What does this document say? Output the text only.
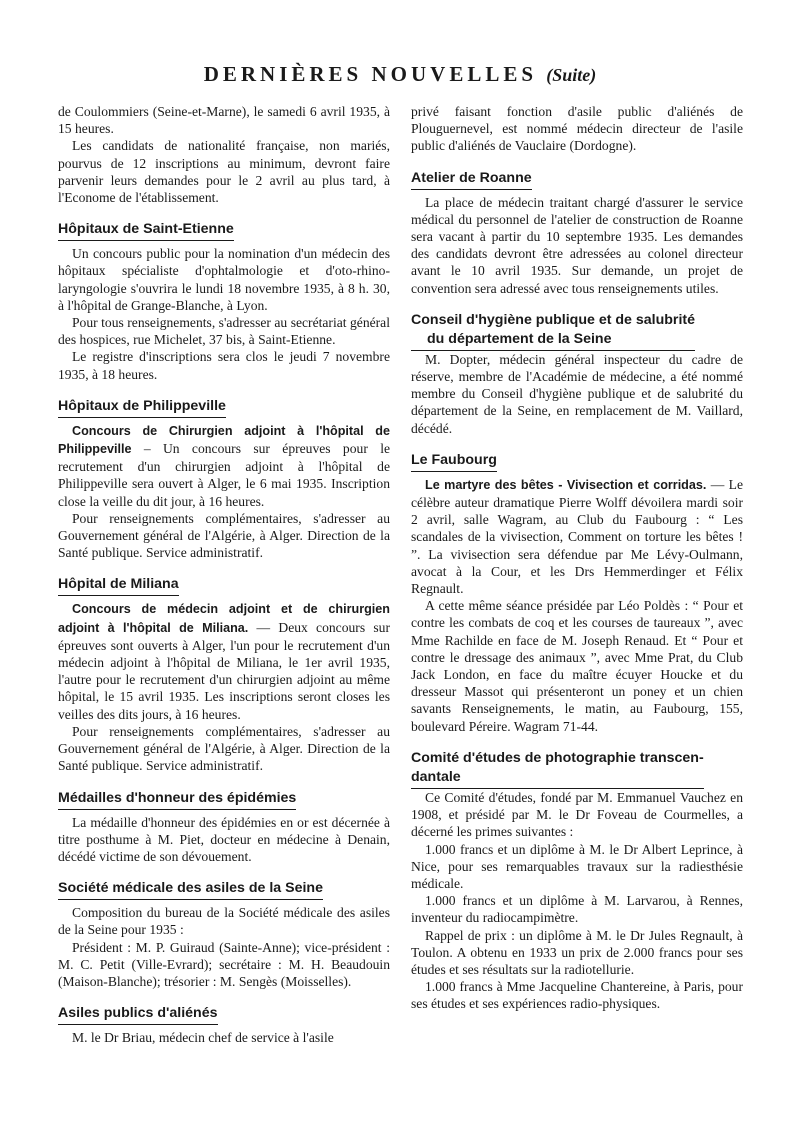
DERNIÈRES NOUVELLES (Suite)

de Coulommiers (Seine-et-Marne), le samedi 6 avril 1935, à 15 heures.

Les candidats de nationalité française, non mariés, pourvus de 12 inscriptions au minimum, devront faire parvenir leurs demandes pour le 2 avril au plus tard, à l'Econome de l'établissement.

Hôpitaux de Saint-Etienne

Un concours public pour la nomination d'un médecin des hôpitaux spécialiste d'ophtalmologie et d'oto-rhino-laryngologie s'ouvrira le lundi 18 novembre 1935, à 8 h. 30, à l'hôpital de Grange-Blanche, à Lyon.

Pour tous renseignements, s'adresser au secrétariat général des hospices, rue Michelet, 37 bis, à Saint-Etienne.

Le registre d'inscriptions sera clos le jeudi 7 novembre 1935, à 18 heures.

Hôpitaux de Philippeville

Concours de Chirurgien adjoint à l'hôpital de Philippeville – Un concours sur épreuves pour le recrutement d'un chirurgien adjoint à l'hôpital de Philippeville sera ouvert à Alger, le 6 mai 1935. Inscription close la veille du dit jour, à 16 heures.

Pour renseignements complémentaires, s'adresser au Gouvernement général de l'Algérie, à Alger. Direction de la Santé publique. Service administratif.

Hôpital de Miliana

Concours de médecin adjoint et de chirurgien adjoint à l'hôpital de Miliana. — Deux concours sur épreuves sont ouverts à Alger, l'un pour le recrutement d'un médecin adjoint à l'hôpital de Miliana, le 1er avril 1935, l'autre pour le recrutement d'un chirurgien adjoint au même hôpital, le 15 avril 1935. Les inscriptions seront closes les veilles des dits jours, à 16 heures.

Pour renseignements complémentaires, s'adresser au Gouvernement général de l'Algérie, à Alger. Direction de la Santé publique. Service administratif.

Médailles d'honneur des épidémies

La médaille d'honneur des épidémies en or est décernée à titre posthume à M. Piet, docteur en médecine à Denain, décédé victime de son dévouement.

Société médicale des asiles de la Seine

Composition du bureau de la Société médicale des asiles de la Seine pour 1935 :

Président : M. P. Guiraud (Sainte-Anne); vice-président : M. C. Petit (Ville-Evrard); secrétaire : M. H. Beaudouin (Maison-Blanche); trésorier : M. Sengès (Moisselles).

Asiles publics d'aliénés

M. le Dr Briau, médecin chef de service à l'asile

privé faisant fonction d'asile public d'aliénés de Plouguernevel, est nommé médecin directeur de l'asile public d'aliénés de Vauclaire (Dordogne).

Atelier de Roanne

La place de médecin traitant chargé d'assurer le service médical du personnel de l'atelier de construction de Roanne sera vacant à partir du 10 septembre 1935. Les demandes des candidats devront être adressées au colonel directeur avant le 10 avril 1935. Sur demande, un projet de convention sera adressé avec tous renseignements utiles.

Conseil d'hygiène publique et de salubrité
du département de la Seine

M. Dopter, médecin général inspecteur du cadre de réserve, membre de l'Académie de médecine, a été nommé membre du Conseil d'hygiène publique et de salubrité du département de la Seine, en remplacement de M. Vaillard, décédé.

Le Faubourg

Le martyre des bêtes - Vivisection et corridas. — Le célèbre auteur dramatique Pierre Wolff dévoilera mardi soir 2 avril, salle Wagram, au Club du Faubourg : “ Les scandales de la vivisection, Comment on torture les bêtes ! ”. La vivisection sera défendue par Me Lévy-Oulmann, avocat à la Cour, et les Drs Hemmerdinger et Félix Regnault.

A cette même séance présidée par Léo Poldès : “ Pour et contre les combats de coq et les courses de taureaux ”, avec Mme Rachilde en face de M. Joseph Renaud. Et “ Pour et contre le dressage des animaux ”, avec Mme Prat, du Club Jack London, en face du maître écuyer Houcke et du dresseur Massot qui présenteront un poney et un chien savants Renseignements, le matin, au Faubourg, 155, boulevard Péreire. Wagram 71-44.

Comité d'études de photographie transcen-
dantale

Ce Comité d'études, fondé par M. Emmanuel Vauchez en 1908, et présidé par M. le Dr Foveau de Courmelles, a décerné les primes suivantes :

1.000 francs et un diplôme à M. le Dr Albert Leprince, à Nice, pour ses remarquables travaux sur la radiesthésie médicale.

1.000 francs et un diplôme à M. Larvarou, à Rennes, inventeur du radiocampimètre.

Rappel de prix : un diplôme à M. le Dr Jules Regnault, à Toulon. A obtenu en 1933 un prix de 2.000 francs pour ses études et ses résultats sur la radiotellurie.

1.000 francs à Mme Jacqueline Chantereine, à Paris, pour ses études et ses expériences radio-physiques.
